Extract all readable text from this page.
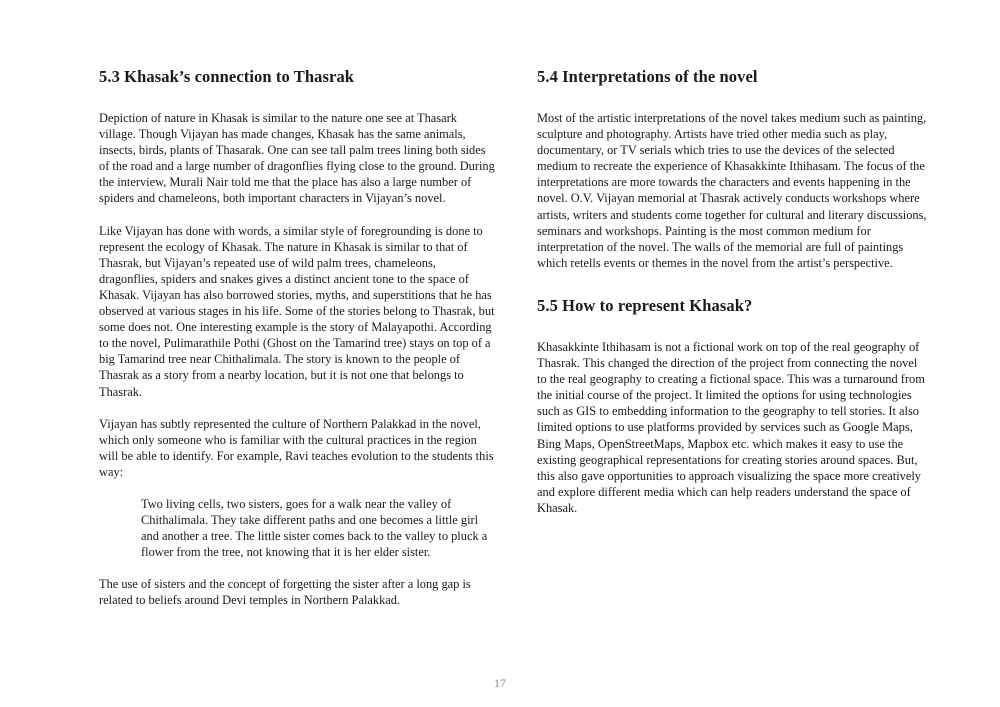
5.3 Khasak’s connection to Thasrak

Depiction of nature in Khasak is similar to the nature one see at Thasark village. Though Vijayan has made changes, Khasak has the same animals, insects, birds, plants of Thasarak. One can see tall palm trees lining both sides of the road and a large number of dragonflies flying close to the ground. During the interview, Murali Nair told me that the place has also a large number of spiders and chameleons, both important characters in Vijayan’s novel.

Like Vijayan has done with words, a similar style of foregrounding is done to represent the ecology of Khasak. The nature in Khasak is similar to that of Thasrak, but Vijayan’s repeated use of wild palm trees, chameleons, dragonflies, spiders and snakes gives a distinct ancient tone to the space of Khasak. Vijayan has also borrowed stories, myths, and superstitions that he has observed at various stages in his life. Some of the stories belong to Thasrak, but some does not. One interesting example is the story of Malayapothi. According to the novel, Pulimarathile Pothi (Ghost on the Tamarind tree) stays on top of a big Tamarind tree near Chithalimala. The story is known to the people of Thasrak as a story from a nearby location, but it is not one that belongs to Thasrak.

Vijayan has subtly represented the culture of Northern Palakkad in the novel, which only someone who is familiar with the cultural practices in the region will be able to identify. For example, Ravi teaches evolution to the students this way:

Two living cells, two sisters, goes for a walk near the valley of Chithalimala. They take different paths and one becomes a little girl and another a tree. The little sister comes back to the valley to pluck a flower from the tree, not knowing that it is her elder sister.

The use of sisters and the concept of forgetting the sister after a long gap is related to beliefs around Devi temples in Northern Palakkad.

5.4 Interpretations of the novel

Most of the artistic interpretations of the novel takes medium such as painting, sculpture and photography. Artists have tried other media such as play, documentary, or TV serials which tries to use the devices of the selected medium to recreate the experience of Khasakkinte Ithihasam. The focus of the interpretations are more towards the characters and events happening in the novel. O.V. Vijayan memorial at Thasrak actively conducts workshops where artists, writers and students come together for cultural and literary discussions, seminars and workshops. Painting is the most common medium for interpretation of the novel. The walls of the memorial are full of paintings which retells events or themes in the novel from the artist’s perspective.

5.5 How to represent Khasak?

Khasakkinte Ithihasam is not a fictional work on top of the real geography of Thasrak. This changed the direction of the project from connecting the novel to the real geography to creating a fictional space. This was a turnaround from the initial course of the project. It limited the options for using technologies such as GIS to embedding information to the geography to tell stories. It also limited options to use platforms provided by services such as Google Maps, Bing Maps, OpenStreetMaps, Mapbox etc. which makes it easy to use the existing geographical representations for creating stories around spaces. But, this also gave opportunities to approach visualizing the space more creatively and explore different media which can help readers understand the space of Khasak.

17
